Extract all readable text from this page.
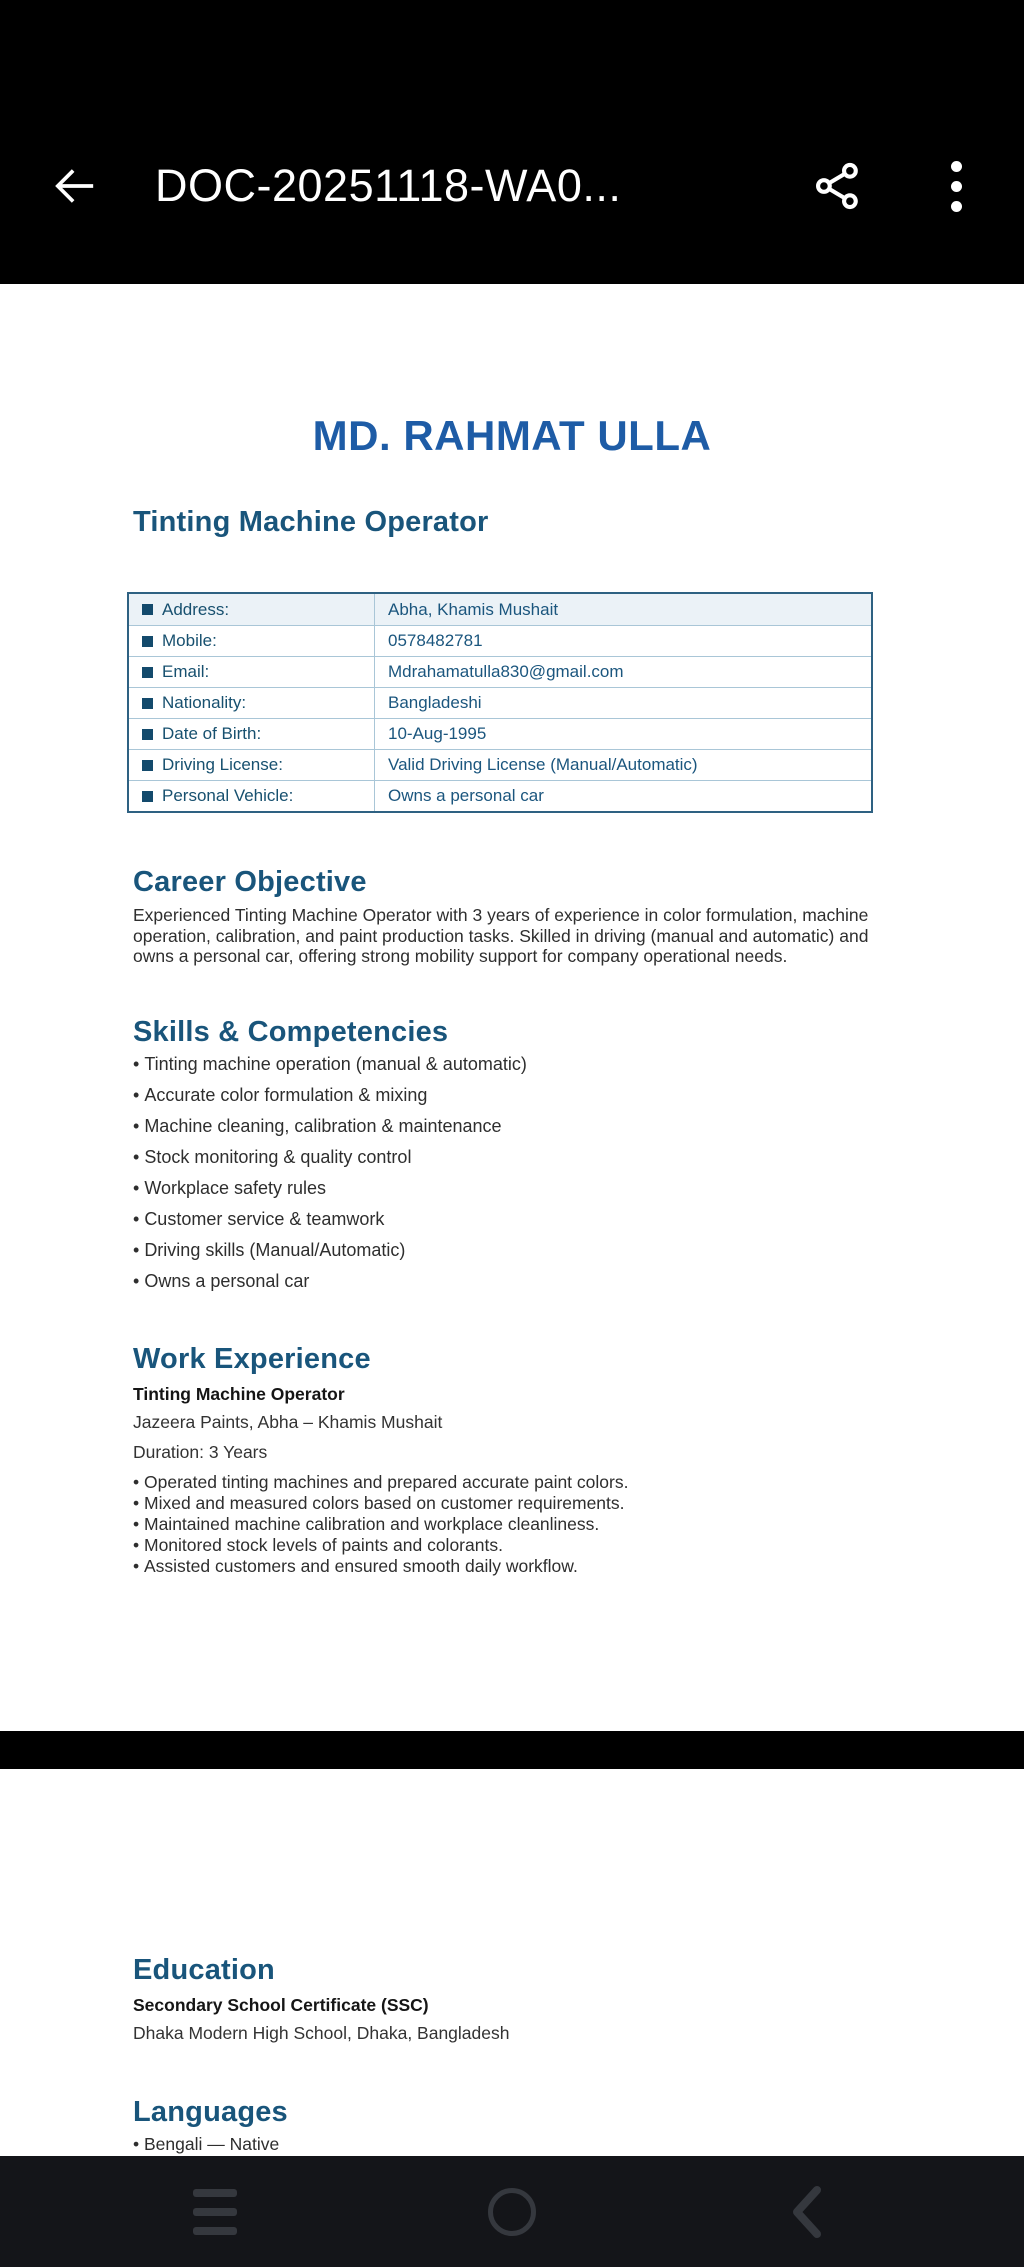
DOC-20251118-WA0...
MD. RAHMAT ULLA
Tinting Machine Operator
Address:	Abha, Khamis Mushait
Mobile:	0578482781
Email:	Mdrahamatulla830@gmail.com
Nationality:	Bangladeshi
Date of Birth:	10-Aug-1995
Driving License:	Valid Driving License (Manual/Automatic)
Personal Vehicle:	Owns a personal car
Career Objective

Experienced Tinting Machine Operator with 3 years of experience in color formulation, machine operation, calibration, and paint production tasks. Skilled in driving (manual and automatic) and owns a personal car, offering strong mobility support for company operational needs.

Skills & Competencies
• Tinting machine operation (manual & automatic)
• Accurate color formulation & mixing
• Machine cleaning, calibration & maintenance
• Stock monitoring & quality control
• Workplace safety rules
• Customer service & teamwork
• Driving skills (Manual/Automatic)
• Owns a personal car
Work Experience

Tinting Machine Operator

Jazeera Paints, Abha – Khamis Mushait

Duration: 3 Years

• Operated tinting machines and prepared accurate paint colors.
• Mixed and measured colors based on customer requirements.
• Maintained machine calibration and workplace cleanliness.
• Monitored stock levels of paints and colorants.
• Assisted customers and ensured smooth daily workflow.
Education

Secondary School Certificate (SSC)

Dhaka Modern High School, Dhaka, Bangladesh

Languages
• Bengali — Native
